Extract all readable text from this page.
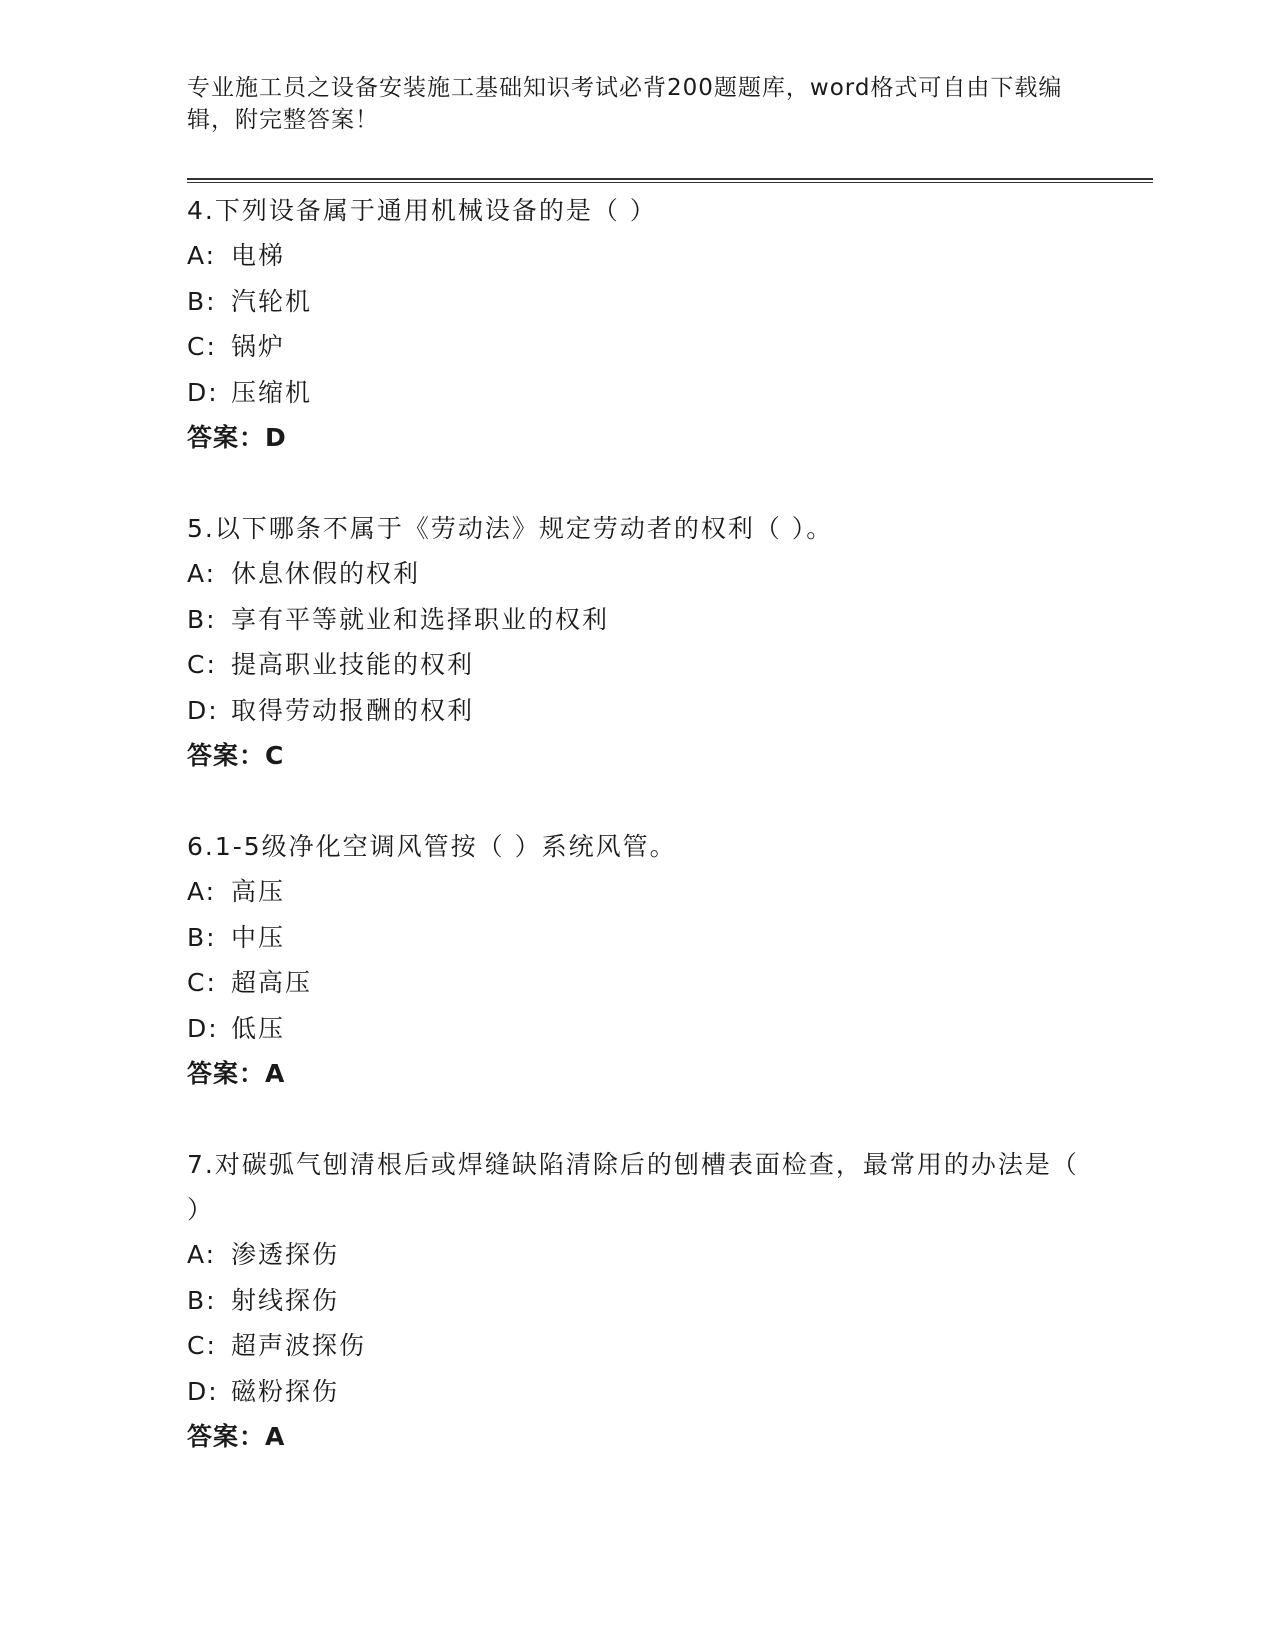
专业施工员之设备安装施工基础知识考试必背200题题库，word格式可自由下载编辑，附完整答案！

4.下列设备属于通用机械设备的是（ ）

A: 电梯

B: 汽轮机

C: 锅炉

D: 压缩机

答案：D

5.以下哪条不属于《劳动法》规定劳动者的权利（ ）。

A: 休息休假的权利

B: 享有平等就业和选择职业的权利

C: 提高职业技能的权利

D: 取得劳动报酬的权利

答案：C

6.1-5级净化空调风管按（ ）系统风管。

A: 高压

B: 中压

C: 超高压

D: 低压

答案：A

7.对碳弧气刨清根后或焊缝缺陷清除后的刨槽表面检查，最常用的办法是（ ）

A: 渗透探伤

B: 射线探伤

C: 超声波探伤

D: 磁粉探伤

答案：A
